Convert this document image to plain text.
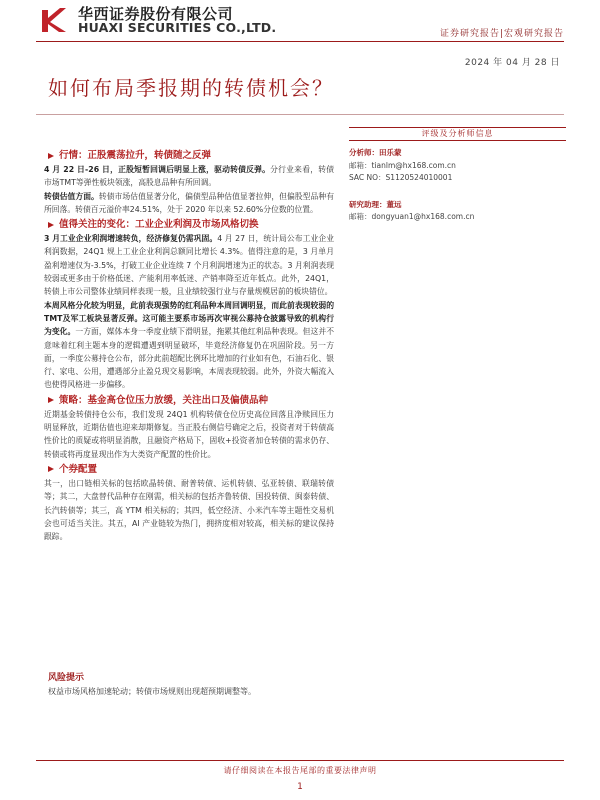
华西证券股份有限公司
HUAXI SECURITIES CO.,LTD.	证券研究报告|宏观研究报告
2024 年 04 月 28 日
如何布局季报期的转债机会？
行情：正股震荡拉升，转债随之反弹

4 月 22 日-26 日，正股短暂回调后明显上涨，驱动转债反弹。分行业来看，转债市场TMT等弹性板块领涨，高股息品种有所回调。

转债估值方面。转债市场估值显著分化，偏债型品种估值显著拉伸，但偏股型品种有所回落。转债百元溢价率24.51%，处于 2020 年以来 52.60%分位数的位置。

值得关注的变化：工业企业利润及市场风格切换

3 月工业企业利润增速转负，经济修复仍需巩固。4 月 27 日，统计局公布工业企业利润数据，24Q1 规上工业企业利润总额同比增长 4.3%。值得注意的是，3 月单月盈利增速仅为-3.5%，打破工业企业连续 7 个月利润增速为正的状态。3 月利润表现较弱或更多由于价格低迷、产能利用率低迷、产销率降至近年低点。此外，24Q1，转债上市公司整体业绩同样表现一般，且业绩较强行业与存量规模居前的板块错位。

本周风格分化较为明显，此前表现强势的红利品种本周回调明显，而此前表现较弱的TMT及军工板块显著反弹。这可能主要系市场再次审视公募持仓披露导致的机构行为变化。一方面，媒体本身一季度业绩下滑明显，拖累其他红利品种表现。但这并不意味着红利主题本身的逻辑遭遇到明显破坏，毕竟经济修复仍在巩固阶段。另一方面，一季度公募持仓公布，部分此前超配比例环比增加的行业如有色，石油石化、银行、家电、公用，遭遇部分止盈兑现交易影响，本周表现较弱。此外，外资大幅流入也使得风格进一步偏移。

策略：基金高仓位压力放缓，关注出口及偏债品种

近期基金转债持仓公布，我们发现 24Q1 机构转债仓位历史高位回落且净赎回压力明显释放，近期估值也迎来却期修复。当正股右侧信号确定之后，投资者对于转债高性价比的质疑或将明显消散，且融资产格局下，固收+投资者加仓转债的需求仍存、转债或将再度显现出作为大类资产配置的性价比。

个券配置

其一，出口链相关标的包括欧晶转债、耐普转债、运机转债、弘亚转债、联瑞转债等；其二，大盘替代品种存在刚需，相关标的包括齐鲁转债、国投转债、闽泰转债、长汽转债等；其三，高 YTM 相关标的；其四，低空经济、小米汽车等主题性交易机会也可适当关注。其五，AI 产业链较为热门，拥挤度相对较高，相关标的建议保持跟踪。

风险提示
权益市场风格加速轮动；转债市场规则出现超预期调整等。
评级及分析师信息
分析师：田乐蒙
邮箱：tianlm@hx168.com.cn
SAC NO：S1120524010001
研究助理：董远
邮箱：dongyuan1@hx168.com.cn
请仔细阅读在本报告尾部的重要法律声明
1
